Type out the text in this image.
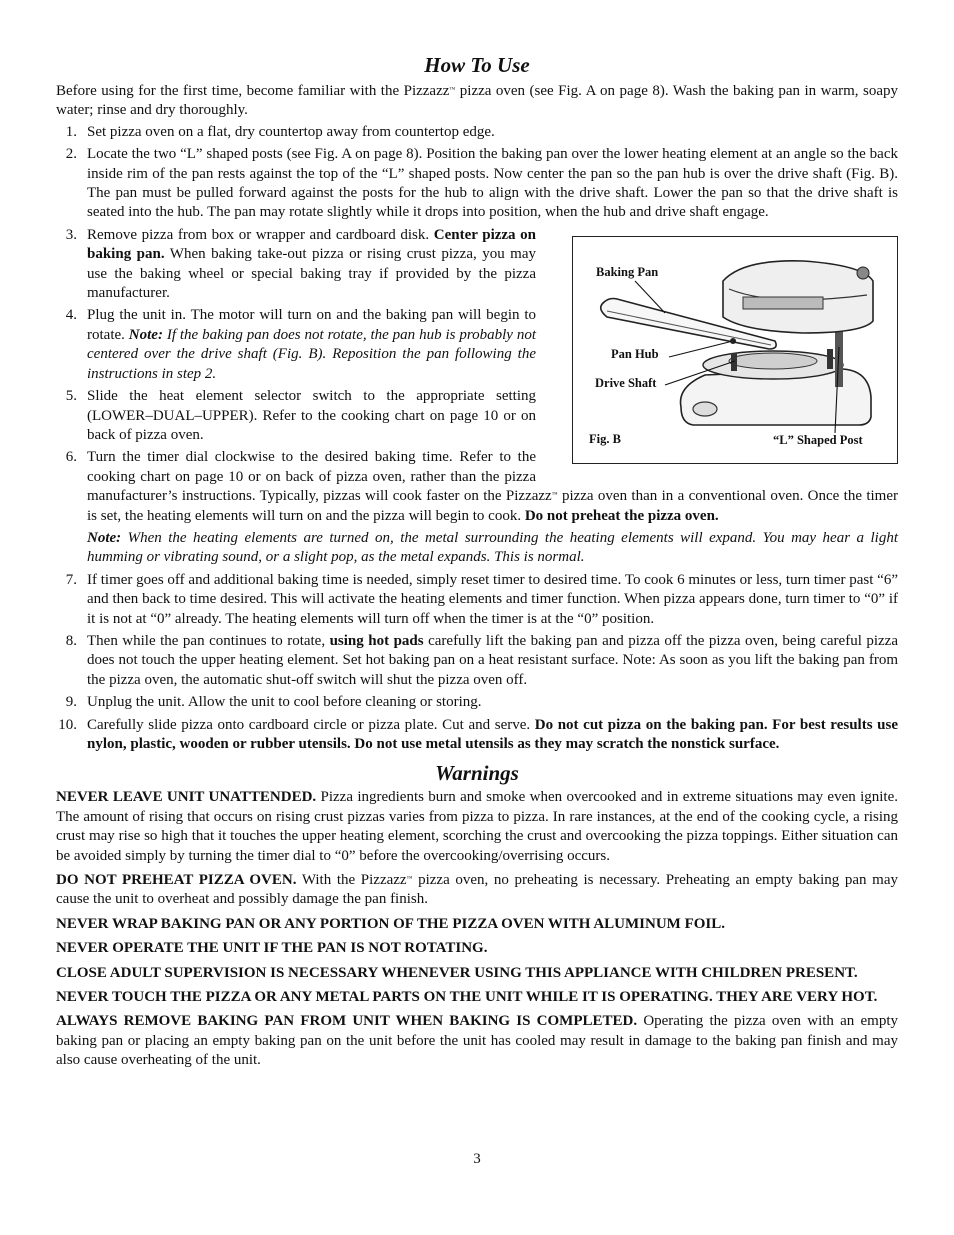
How To Use

Before using for the first time, become familiar with the Pizzazz™ pizza oven (see Fig. A on page 8). Wash the baking pan in warm, soapy water; rinse and dry thoroughly.

1. Set pizza oven on a flat, dry countertop away from countertop edge.
2. Locate the two “L” shaped posts (see Fig. A on page 8). Position the baking pan over the lower heating element at an angle so the back inside rim of the pan rests against the top of the “L” shaped posts. Now center the pan so the pan hub is over the drive shaft (Fig. B). The pan must be pulled forward against the posts for the hub to align with the drive shaft. Lower the pan so that the drive shaft is seated into the hub. The pan may rotate slightly while it drops into position, when the hub and drive shaft engage.
Baking Pan
Pan Hub
Drive Shaft
Fig. B	“L” Shaped Post
3. Remove pizza from box or wrapper and cardboard disk. Center pizza on baking pan. When baking take-out pizza or rising crust pizza, you may use the baking wheel or special baking tray if provided by the pizza manufacturer.
4. Plug the unit in. The motor will turn on and the baking pan will begin to rotate. Note: If the baking pan does not rotate, the pan hub is probably not centered over the drive shaft (Fig. B). Reposition the pan following the instructions in step 2.
5. Slide the heat element selector switch to the appropriate setting (LOWER–DUAL–UPPER). Refer to the cooking chart on page 10 or on back of pizza oven.
6. Turn the timer dial clockwise to the desired baking time. Refer to the cooking chart on page 10 or on back of pizza oven, rather than the pizza manufacturer’s instructions. Typically, pizzas will cook faster on the Pizzazz™ pizza oven than in a conventional oven. Once the timer is set, the heating elements will turn on and the pizza will begin to cook. Do not preheat the pizza oven.
Note: When the heating elements are turned on, the metal surrounding the heating elements will expand. You may hear a light humming or vibrating sound, or a slight pop, as the metal expands. This is normal.
7. If timer goes off and additional baking time is needed, simply reset timer to desired time. To cook 6 minutes or less, turn timer past “6” and then back to time desired. This will activate the heating elements and timer function. When pizza appears done, turn timer to “0” if it is not at “0” already. The heating elements will turn off when the timer is at the “0” position.
8. Then while the pan continues to rotate, using hot pads carefully lift the baking pan and pizza off the pizza oven, being careful pizza does not touch the upper heating element. Set hot baking pan on a heat resistant surface. Note: As soon as you lift the baking pan from the pizza oven, the automatic shut-off switch will shut the pizza oven off.
9. Unplug the unit. Allow the unit to cool before cleaning or storing.
10. Carefully slide pizza onto cardboard circle or pizza plate. Cut and serve. Do not cut pizza on the baking pan. For best results use nylon, plastic, wooden or rubber utensils. Do not use metal utensils as they may scratch the nonstick surface.
Warnings

NEVER LEAVE UNIT UNATTENDED. Pizza ingredients burn and smoke when overcooked and in extreme situations may even ignite. The amount of rising that occurs on rising crust pizzas varies from pizza to pizza. In rare instances, at the end of the cooking cycle, a rising crust may rise so high that it touches the upper heating element, scorching the crust and overcooking the pizza toppings. Either situation can be avoided simply by turning the timer dial to “0” before the overcooking/overrising occurs.

DO NOT PREHEAT PIZZA OVEN. With the Pizzazz™ pizza oven, no preheating is necessary. Preheating an empty baking pan may cause the unit to overheat and possibly damage the pan finish.

NEVER WRAP BAKING PAN OR ANY PORTION OF THE PIZZA OVEN WITH ALUMINUM FOIL.

NEVER OPERATE THE UNIT IF THE PAN IS NOT ROTATING.

CLOSE ADULT SUPERVISION IS NECESSARY WHENEVER USING THIS APPLIANCE WITH CHILDREN PRESENT.

NEVER TOUCH THE PIZZA OR ANY METAL PARTS ON THE UNIT WHILE IT IS OPERATING. THEY ARE VERY HOT.

ALWAYS REMOVE BAKING PAN FROM UNIT WHEN BAKING IS COMPLETED. Operating the pizza oven with an empty baking pan or placing an empty baking pan on the unit before the unit has cooled may result in damage to the baking pan finish and may also cause overheating of the unit.

3
